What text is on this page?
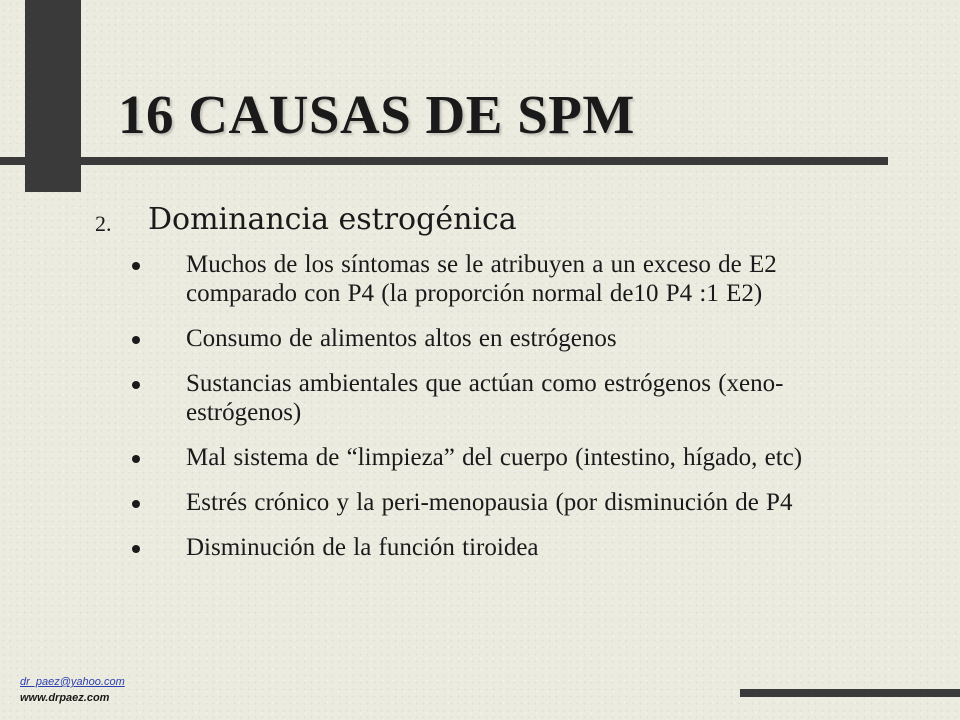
16 CAUSAS DE SPM
2. Dominancia estrogénica
Muchos de los síntomas se le atribuyen a un exceso de E2 comparado con P4 (la proporción normal de10 P4 :1 E2)
Consumo de alimentos altos en estrógenos
Sustancias ambientales que actúan como estrógenos (xeno-estrógenos)
Mal sistema de “limpieza” del cuerpo (intestino, hígado, etc)
Estrés crónico y la peri-menopausia (por disminución de P4
Disminución de la función tiroidea
dr_paez@yahoo.com
www.drpaez.com
